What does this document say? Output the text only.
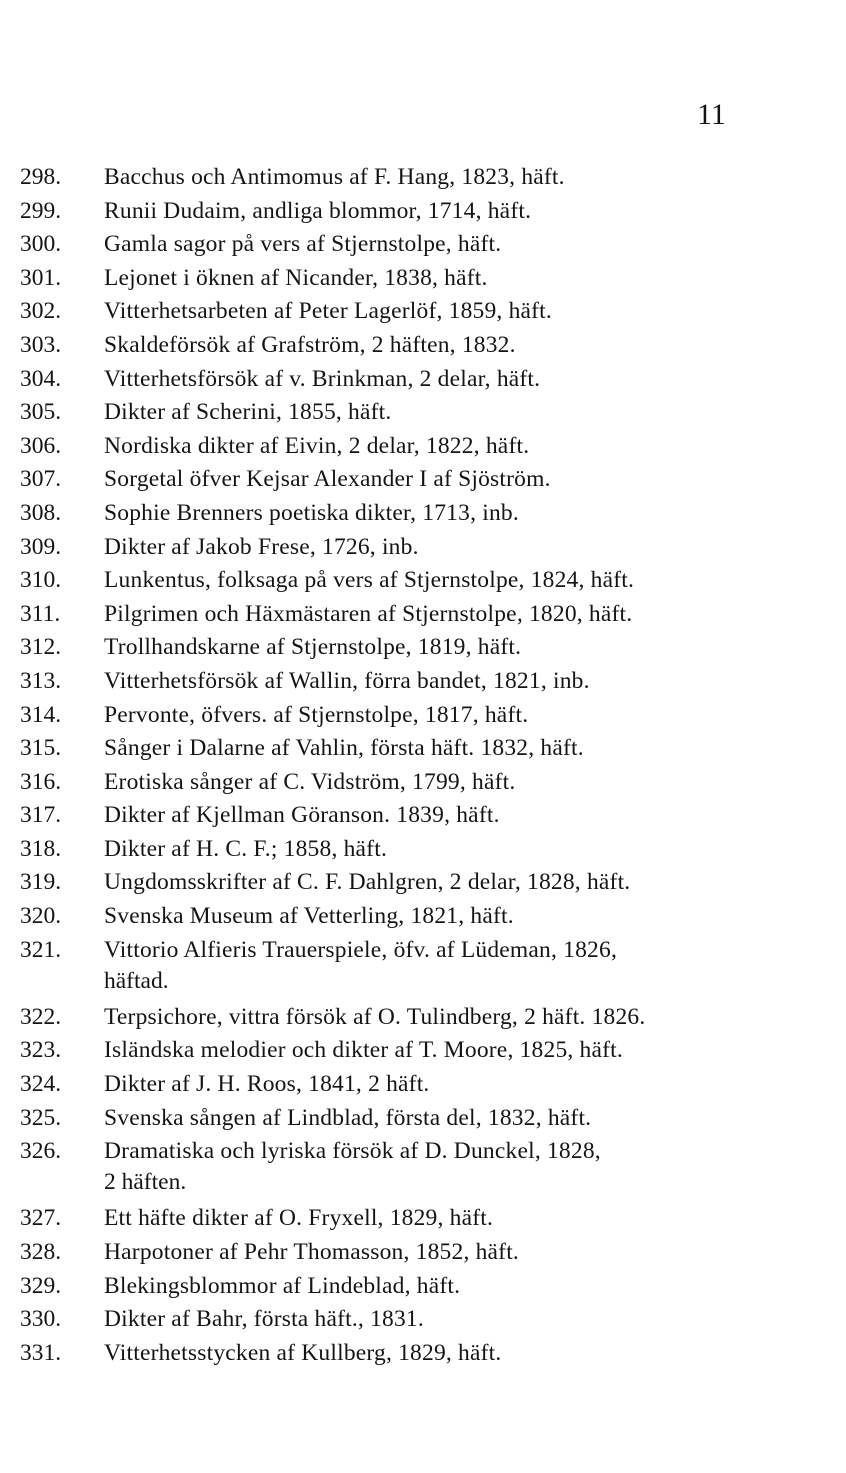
11
298. Bacchus och Antimomus af F. Hang, 1823, häft.
299. Runii Dudaim, andliga blommor, 1714, häft.
300. Gamla sagor på vers af Stjernstolpe, häft.
301. Lejonet i öknen af Nicander, 1838, häft.
302. Vitterhetsarbeten af Peter Lagerlöf, 1859, häft.
303. Skaldeförsök af Grafström, 2 häften, 1832.
304. Vitterhetsförsök af v. Brinkman, 2 delar, häft.
305. Dikter af Scherini, 1855, häft.
306. Nordiska dikter af Eivin, 2 delar, 1822, häft.
307. Sorgetal öfver Kejsar Alexander I af Sjöström.
308. Sophie Brenners poetiska dikter, 1713, inb.
309. Dikter af Jakob Frese, 1726, inb.
310. Lunkentus, folksaga på vers af Stjernstolpe, 1824, häft.
311. Pilgrimen och Häxmästaren af Stjernstolpe, 1820, häft.
312. Trollhandskarne af Stjernstolpe, 1819, häft.
313. Vitterhetsförsök af Wallin, förra bandet, 1821, inb.
314. Pervonte, öfvers. af Stjernstolpe, 1817, häft.
315. Sånger i Dalarne af Vahlin, första häft. 1832, häft.
316. Erotiska sånger af C. Vidström, 1799, häft.
317. Dikter af Kjellman Göranson. 1839, häft.
318. Dikter af H. C. F.; 1858, häft.
319. Ungdomsskrifter af C. F. Dahlgren, 2 delar, 1828, häft.
320. Svenska Museum af Vetterling, 1821, häft.
321. Vittorio Alfieris Trauerspiele, öfv. af Lüdeman, 1826,
häftad.
322. Terpsichore, vittra försök af O. Tulindberg, 2 häft. 1826.
323. Isländska melodier och dikter af T. Moore, 1825, häft.
324. Dikter af J. H. Roos, 1841, 2 häft.
325. Svenska sången af Lindblad, första del, 1832, häft.
326. Dramatiska och lyriska försök af D. Dunckel, 1828,
2 häften.
327. Ett häfte dikter af O. Fryxell, 1829, häft.
328. Harpotoner af Pehr Thomasson, 1852, häft.
329. Blekingsblommor af Lindeblad, häft.
330. Dikter af Bahr, första häft., 1831.
331. Vitterhetsstycken af Kullberg, 1829, häft.
